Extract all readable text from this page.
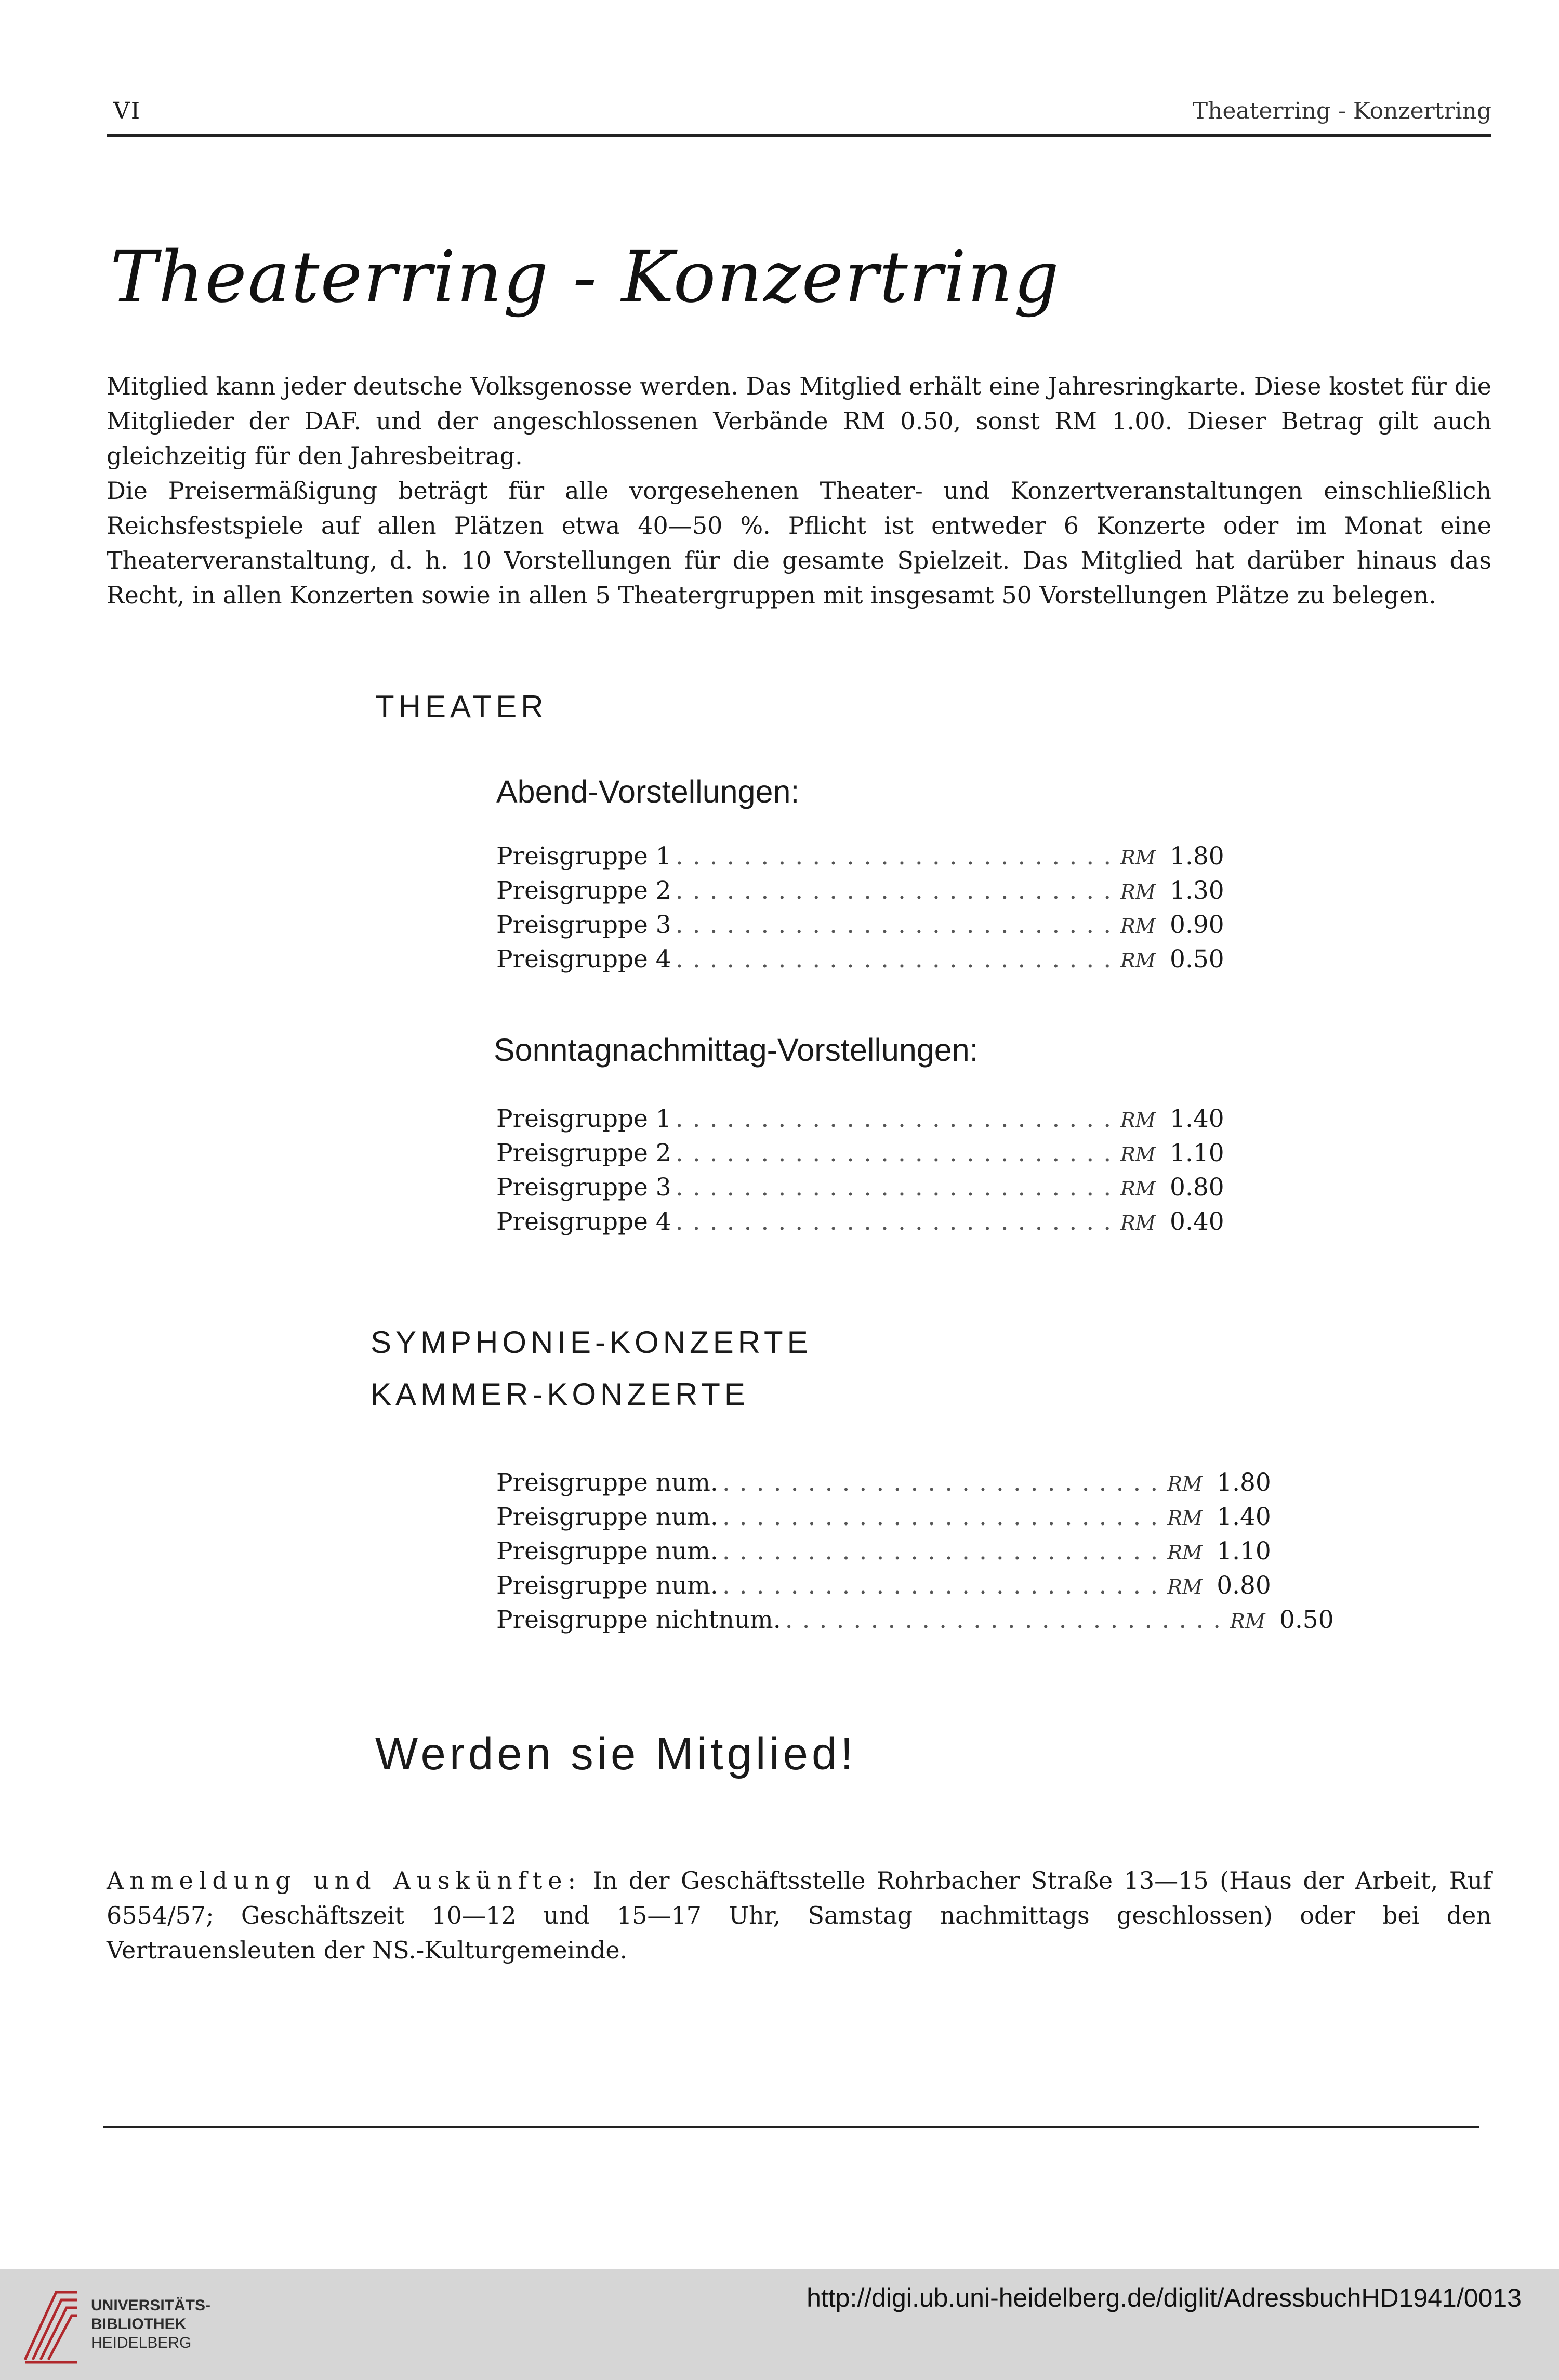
VI	Theaterring - Konzertring
Theaterring - Konzertring

Mitglied kann jeder deutsche Volksgenosse werden. Das Mitglied erhält eine Jahresringkarte. Diese kostet für die Mitglieder der DAF. und der angeschlossenen Verbände RM 0.50, sonst RM 1.00. Dieser Betrag gilt auch gleichzeitig für den Jahresbeitrag.

Die Preisermäßigung beträgt für alle vorgesehenen Theater- und Konzertveranstaltungen einschließlich Reichsfestspiele auf allen Plätzen etwa 40—50 %. Pflicht ist entweder 6 Konzerte oder im Monat eine Theaterveranstaltung, d. h. 10 Vorstellungen für die gesamte Spielzeit. Das Mitglied hat darüber hinaus das Recht, in allen Konzerten sowie in allen 5 Theatergruppen mit insgesamt 50 Vorstellungen Plätze zu belegen.

THEATER
Abend-Vorstellungen:
Preisgruppe 1 .......................... RM 1.80
Preisgruppe 2 .......................... RM 1.30
Preisgruppe 3 .......................... RM 0.90
Preisgruppe 4 .......................... RM 0.50
Sonntagnachmittag-Vorstellungen:
Preisgruppe 1 .......................... RM 1.40
Preisgruppe 2 .......................... RM 1.10
Preisgruppe 3 .......................... RM 0.80
Preisgruppe 4 .......................... RM 0.40
SYMPHONIE-KONZERTE
KAMMER-KONZERTE
Preisgruppe num. .......................... RM 1.80
Preisgruppe num. .......................... RM 1.40
Preisgruppe num. .......................... RM 1.10
Preisgruppe num. .......................... RM 0.80
Preisgruppe nichtnum. .......................... RM 0.50
Werden sie Mitglied!

Anmeldung und Auskünfte: In der Geschäftsstelle Rohrbacher Straße 13—15 (Haus der Arbeit, Ruf 6554/57; Geschäftszeit 10—12 und 15—17 Uhr, Samstag nachmittags geschlossen) oder bei den Vertrauensleuten der NS.-Kulturgemeinde.

UNIVERSITÄTS-
BIBLIOTHEK
HEIDELBERG
http://digi.ub.uni-heidelberg.de/diglit/AdressbuchHD1941/0013
